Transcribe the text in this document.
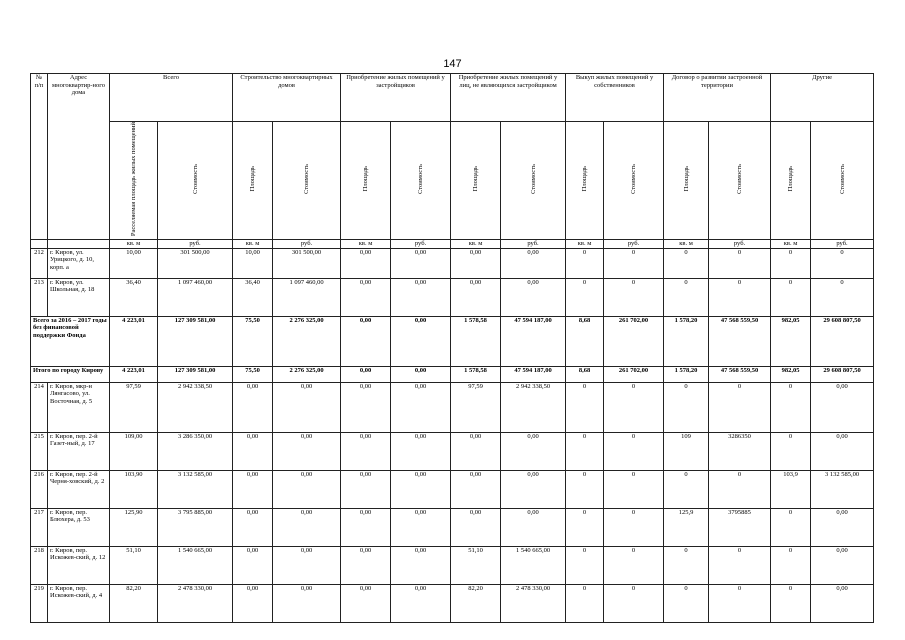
147
№ п/п	Адрес многоквартир-ного дома	Всего		Строительство многоквартирных домов		Приобретение жилых помещений у застройщиков		Приобретение жилых помещений у лиц, не являющихся застройщиком		Выкуп жилых помещений у собственников		Договор о развитии застроенной территории		Другие	
		Расселяемая площадь жилых помещений	Стоимость	Площадь	Стоимость	Площадь	Стоимость	Площадь	Стоимость	Площадь	Стоимость	Площадь	Стоимость	Площадь	Стоимость
		кв. м	руб.	кв. м	руб.	кв. м	руб.	кв. м	руб.	кв. м	руб.	кв. м	руб.	кв. м	руб.
212	г. Киров, ул. Урицкого, д. 10, корп. а	10,00	301 500,00	10,00	301 500,00	0,00	0,00	0,00	0,00	0	0	0	0	0	0
213	г. Киров, ул. Школьная, д. 18	36,40	1 097 460,00	36,40	1 097 460,00	0,00	0,00	0,00	0,00	0	0	0	0	0	0
Всего за 2016 – 2017 годы без финансовой поддержки Фонда		4 223,01	127 309 581,00	75,50	2 276 325,00	0,00	0,00	1 578,58	47 594 187,00	8,68	261 702,00	1 578,20	47 568 559,50	982,05	29 608 807,50
Итого по городу Кирову		4 223,01	127 309 581,00	75,50	2 276 325,00	0,00	0,00	1 578,58	47 594 187,00	8,68	261 702,00	1 578,20	47 568 559,50	982,05	29 608 807,50
214	г. Киров, мкр-н Лянгасово, ул. Восточная, д. 5	97,59	2 942 338,50	0,00	0,00	0,00	0,00	97,59	2 942 338,50	0	0	0	0	0	0,00
215	г. Киров, пер. 2-й Газет-ный, д. 17	109,00	3 286 350,00	0,00	0,00	0,00	0,00	0,00	0,00	0	0	109	3286350	0	0,00
216	г. Киров, пер. 2-й Черня-ховский, д. 2	103,90	3 132 585,00	0,00	0,00	0,00	0,00	0,00	0,00	0	0	0	0	103,9	3 132 585,00
217	г. Киров, пер. Блюхера, д. 53	125,90	3 795 885,00	0,00	0,00	0,00	0,00	0,00	0,00	0	0	125,9	3795885	0	0,00
218	г. Киров, пер. Искожев-ский, д. 12	51,10	1 540 665,00	0,00	0,00	0,00	0,00	51,10	1 540 665,00	0	0	0	0	0	0,00
219	г. Киров, пер. Искожев-ский, д. 4	82,20	2 478 330,00	0,00	0,00	0,00	0,00	82,20	2 478 330,00	0	0	0	0	0	0,00
